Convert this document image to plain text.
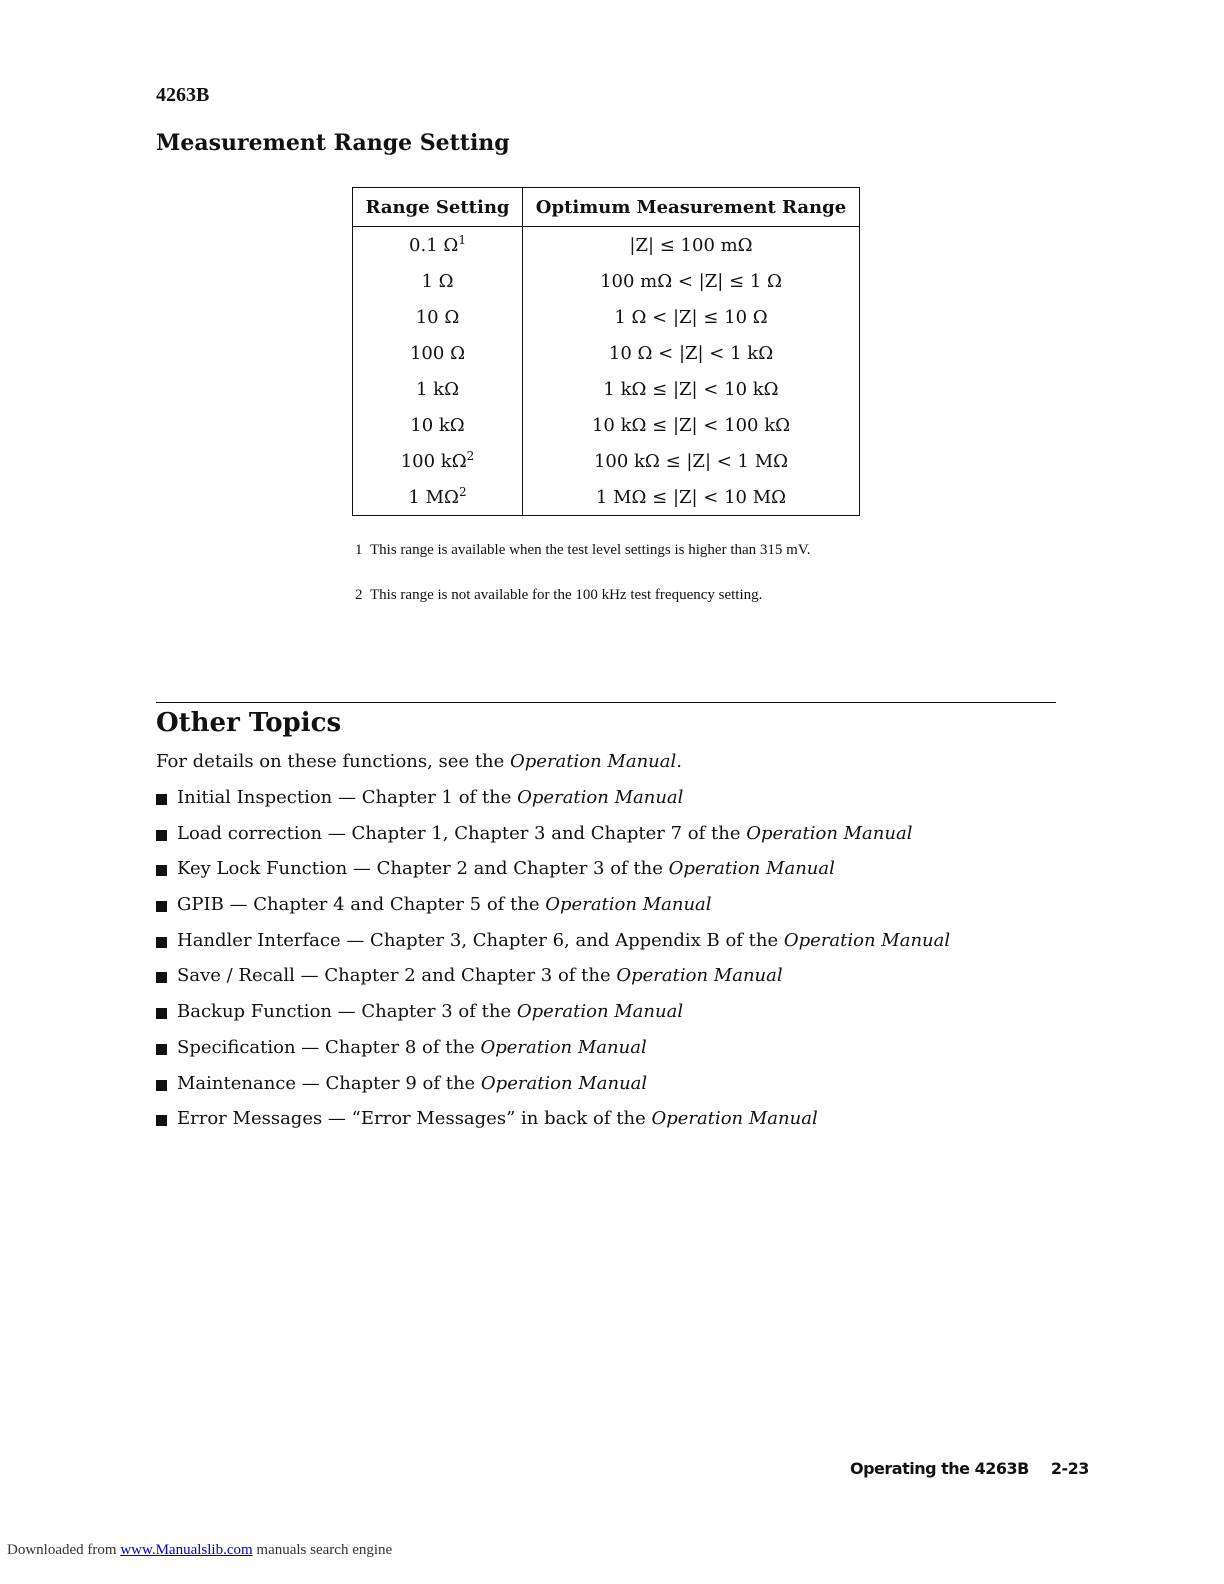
4263B
Measurement Range Setting
Range Setting	Optimum Measurement Range
0.1 $\Omega^1$	|Z| ≤ 100 mΩ
1 Ω	100 mΩ < |Z| ≤ 1 Ω
10 Ω	1 Ω < |Z| ≤ 10 Ω
100 Ω	10 Ω < |Z| < 1 kΩ
1 kΩ	1 kΩ ≤ |Z| < 10 kΩ
10 kΩ	10 kΩ ≤ |Z| < 100 kΩ
100 $k\Omega^2$	100 kΩ ≤ |Z| < 1 MΩ
1 $M\Omega^2$	1 MΩ ≤ |Z| < 10 MΩ
1 This range is available when the test level settings is higher than 315 mV.
2 This range is not available for the 100 kHz test frequency setting.
Other Topics
For details on these functions, see the Operation Manual.
Initial Inspection — Chapter 1 of the Operation Manual
Load correction — Chapter 1, Chapter 3 and Chapter 7 of the Operation Manual
Key Lock Function — Chapter 2 and Chapter 3 of the Operation Manual
GPIB — Chapter 4 and Chapter 5 of the Operation Manual
Handler Interface — Chapter 3, Chapter 6, and Appendix B of the Operation Manual
Save / Recall — Chapter 2 and Chapter 3 of the Operation Manual
Backup Function — Chapter 3 of the Operation Manual
Specification — Chapter 8 of the Operation Manual
Maintenance — Chapter 9 of the Operation Manual
Error Messages — “Error Messages” in back of the Operation Manual
Operating the 4263B 2-23
Downloaded from www.Manualslib.com manuals search engine
